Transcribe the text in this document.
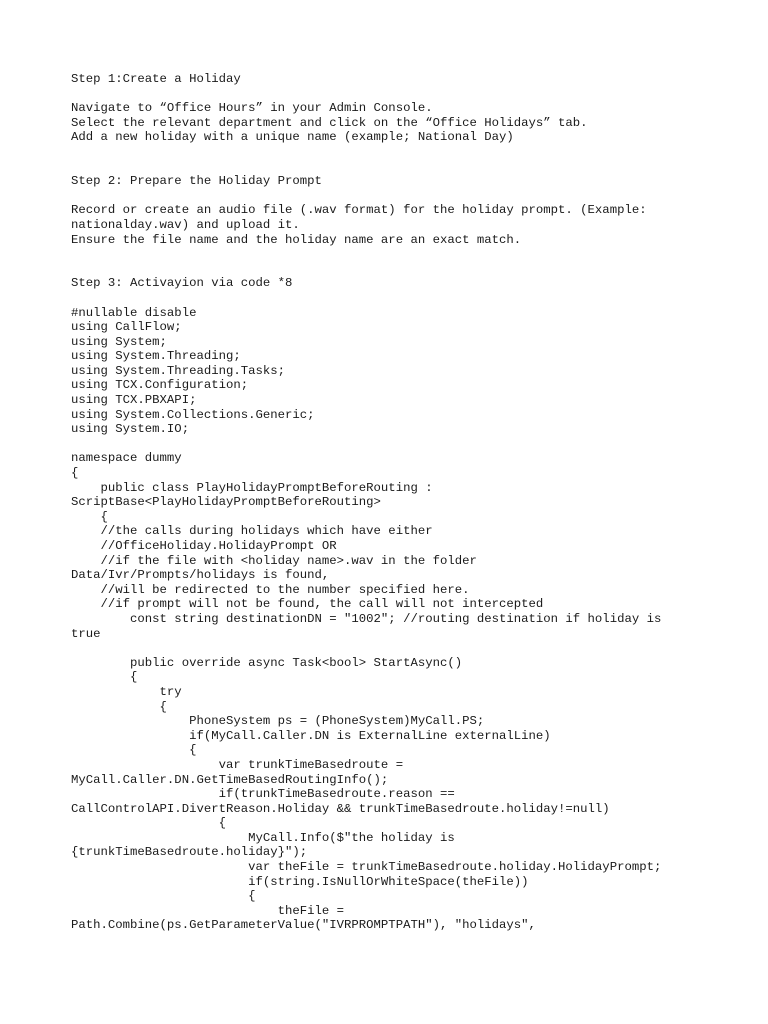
Step 1:Create a Holiday
Navigate to “Office Hours” in your Admin Console.
Select the relevant department and click on the “Office Holidays” tab.
Add a new holiday with a unique name (example; National Day)
Step 2: Prepare the Holiday Prompt
Record or create an audio file (.wav format) for the holiday prompt. (Example:
nationalday.wav) and upload it.
Ensure the file name and the holiday name are an exact match.
Step 3: Activayion via code *8
#nullable disable
using CallFlow;
using System;
using System.Threading;
using System.Threading.Tasks;
using TCX.Configuration;
using TCX.PBXAPI;
using System.Collections.Generic;
using System.IO;
namespace dummy
{
public class PlayHolidayPromptBeforeRouting :
ScriptBase<PlayHolidayPromptBeforeRouting>
{
//the calls during holidays which have either
//OfficeHoliday.HolidayPrompt OR
//if the file with <holiday name>.wav in the folder
Data/Ivr/Prompts/holidays is found,
//will be redirected to the number specified here.
//if prompt will not be found, the call will not intercepted
const string destinationDN = "1002"; //routing destination if holiday is
true
public override async Task<bool> StartAsync()
{
try
{
PhoneSystem ps = (PhoneSystem)MyCall.PS;
if(MyCall.Caller.DN is ExternalLine externalLine)
{
var trunkTimeBasedroute =
MyCall.Caller.DN.GetTimeBasedRoutingInfo();
if(trunkTimeBasedroute.reason ==
CallControlAPI.DivertReason.Holiday && trunkTimeBasedroute.holiday!=null)
{
MyCall.Info($"the holiday is
{trunkTimeBasedroute.holiday}");
var theFile = trunkTimeBasedroute.holiday.HolidayPrompt;
if(string.IsNullOrWhiteSpace(theFile))
{
theFile =
Path.Combine(ps.GetParameterValue("IVRPROMPTPATH"), "holidays",
